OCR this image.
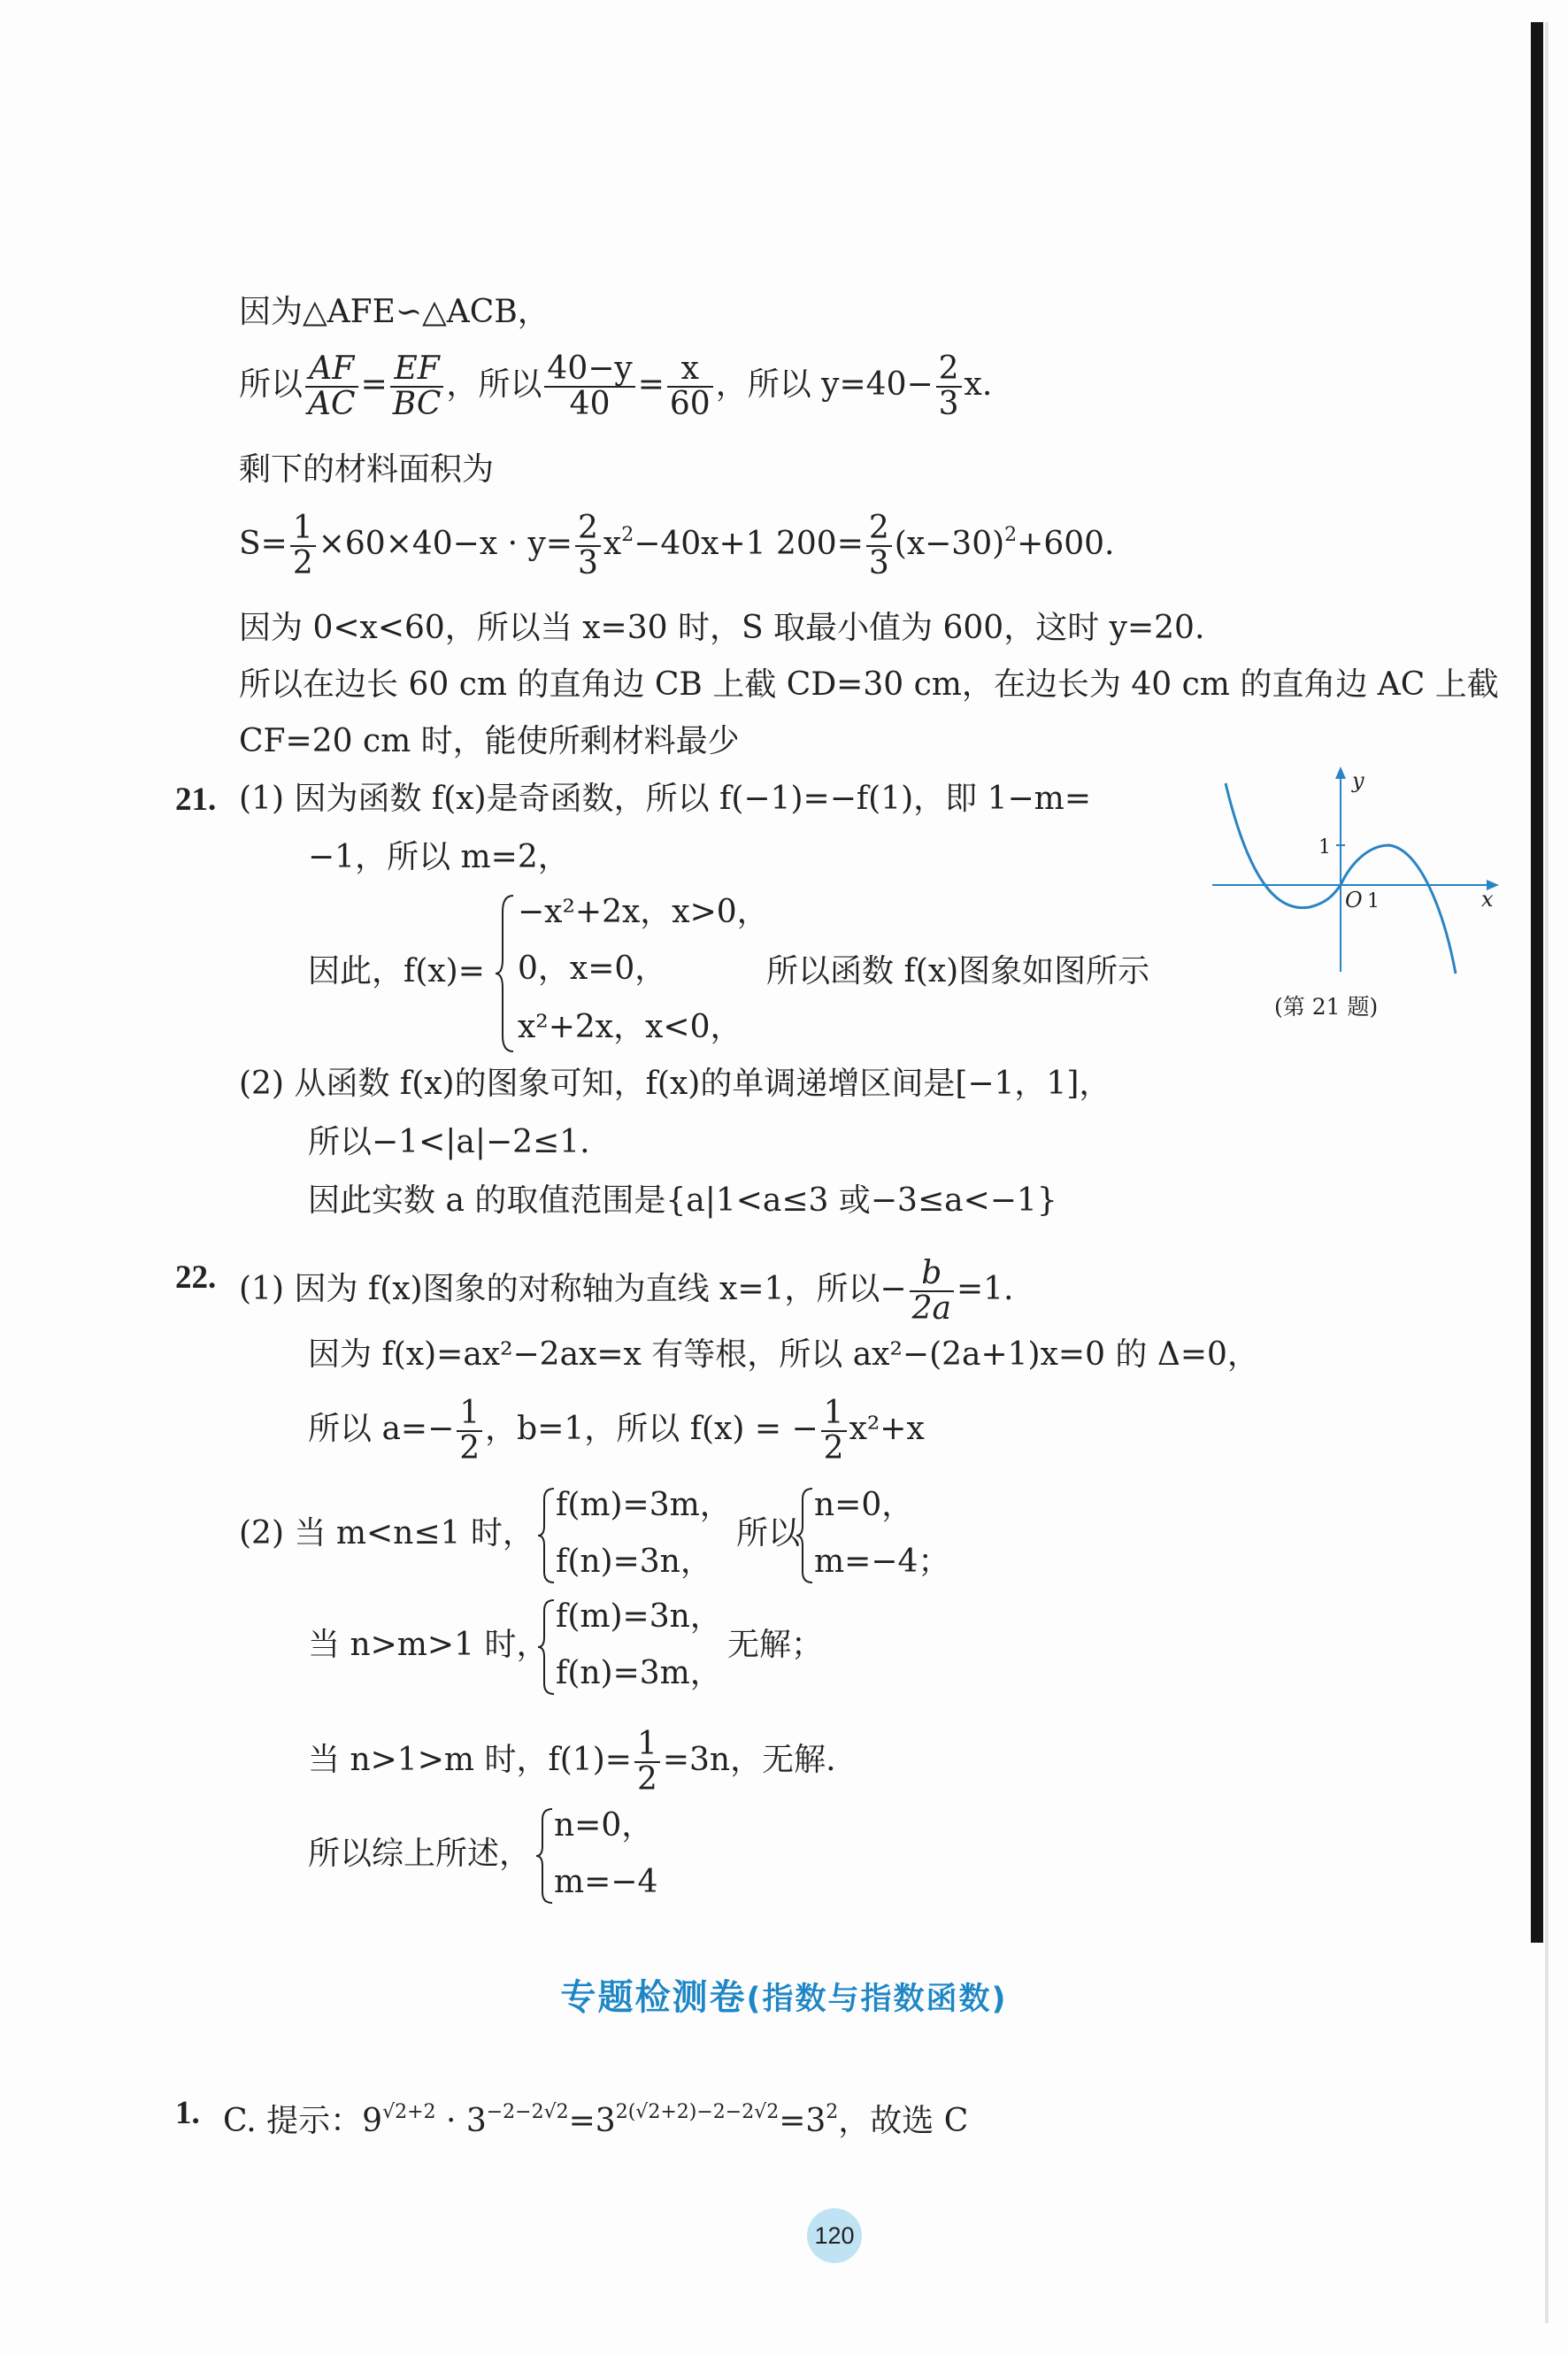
因为△AFE∽△ACB，
所以 $\frac{AF}{AC} = \frac{EF}{BC}$ ，所以 $\frac{40-y}{40} = \frac{x}{60}$ ，所以 $y=40- \frac{2}{3} x$.
剩下的材料面积为
$S= \frac{1}{2} \times 60\times 40-x \cdot y= \frac{2}{3} x^2-40x+1$ $200= \frac{2}{3} (x-30)^2+600$.
因为 0<x<60，所以当 x=30 时，S 取最小值为 600，这时 y=20.
所以在边长 60 cm 的直角边 CB 上截 CD=30 cm，在边长为 40 cm 的直角边 AC 上截
CF=20 cm 时，能使所剩材料最少
21. (1) 因为函数 f(x)是奇函数，所以 f(−1)=−f(1)，即 1−m=
−1，所以 m=2，
因此，f(x)=
−x²+2x，x>0，
0，x=0，
x²+2x，x<0，
所以函数 f(x)图象如图所示
y
x
1
O 1
(第 21 题)
(2) 从函数 f(x)的图象可知，f(x)的单调递增区间是[−1，1]，
所以−1<|a|−2≤1.
因此实数 a 的取值范围是{a|1<a≤3 或−3≤a<−1}
22. (1) 因为 f(x)图象的对称轴为直线 x=1，所以− $\frac{b}{2a} =1$.
因为 f(x)=ax²−2ax=x 有等根，所以 ax²−(2a+1)x=0 的 Δ=0，
所以 $a=- \frac{1}{2}$ ，b=1，所以 f(x) = − $\frac{1}{2} x^2+x$
(2) 当 m<n≤1 时，
f(m)=3m，
f(n)=3n，
所以
n=0，
m=−4；
当 n>m>1 时，
f(m)=3n，
f(n)=3m，
无解；
当 n>1>m 时，$f(1)= \frac{1}{2} =3n$，无解.
所以综上所述，
n=0，
m=−4
专题检测卷(指数与指数函数)
1. C. 提示：$9^{√2+2} \cdot 3^{-2-2√2}=3^{2(√2+2)-2-2√2}=3^2$，故选 C
120
